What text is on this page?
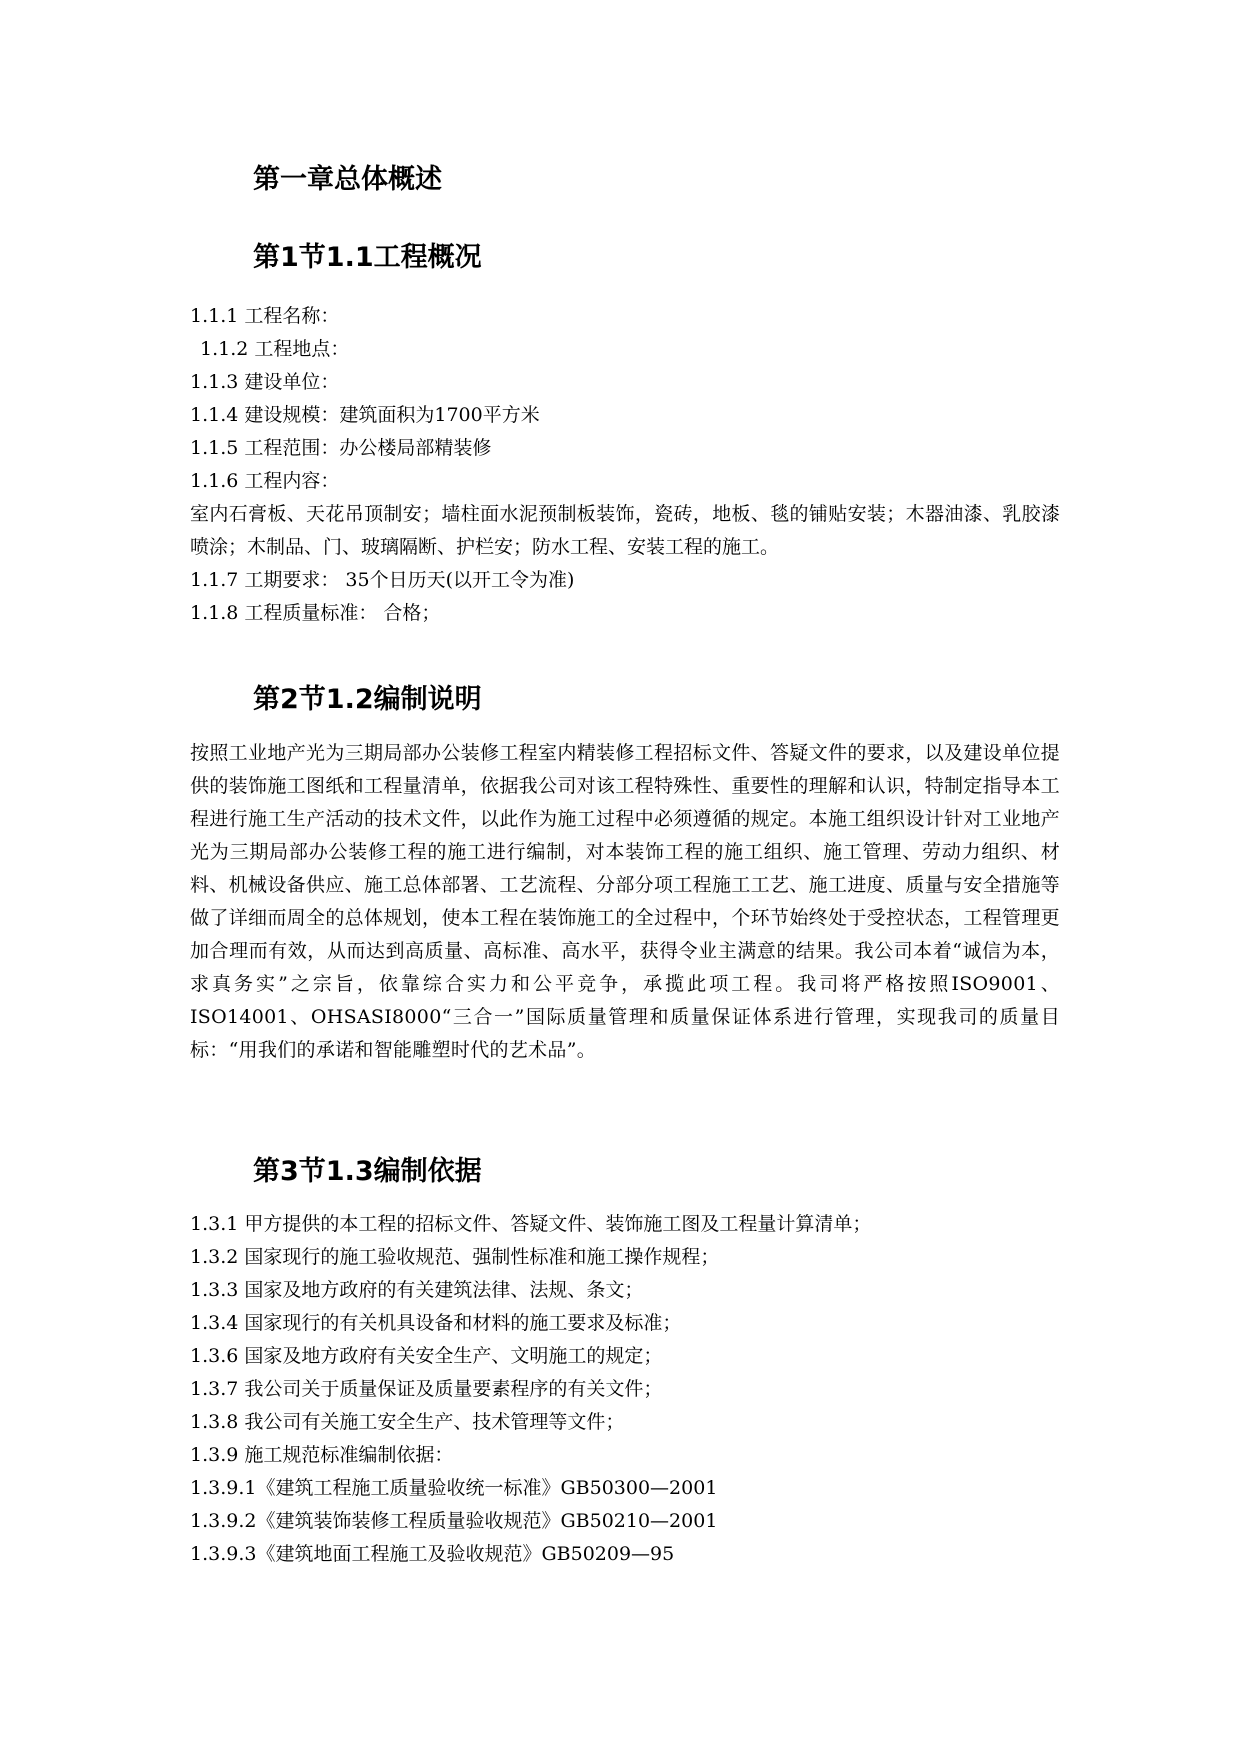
第一章总体概述
第1节1.1工程概况
1.1.1 工程名称：
1.1.2 工程地点：
1.1.3 建设单位：
1.1.4 建设规模：建筑面积为1700平方米
1.1.5 工程范围：办公楼局部精装修
1.1.6 工程内容：
室内石膏板、天花吊顶制安；墙柱面水泥预制板装饰，瓷砖，地板、毯的铺贴安装；木器油漆、乳胶漆喷涂；木制品、门、玻璃隔断、护栏安；防水工程、安装工程的施工。
1.1.7 工期要求： 35个日历天(以开工令为准)
1.1.8 工程质量标准： 合格；
第2节1.2编制说明

按照工业地产光为三期局部办公装修工程室内精装修工程招标文件、答疑文件的要求，以及建设单位提供的装饰施工图纸和工程量清单，依据我公司对该工程特殊性、重要性的理解和认识，特制定指导本工程进行施工生产活动的技术文件，以此作为施工过程中必须遵循的规定。本施工组织设计针对工业地产光为三期局部办公装修工程的施工进行编制，对本装饰工程的施工组织、施工管理、劳动力组织、材料、机械设备供应、施工总体部署、工艺流程、分部分项工程施工工艺、施工进度、质量与安全措施等做了详细而周全的总体规划，使本工程在装饰施工的全过程中，个环节始终处于受控状态，工程管理更加合理而有效，从而达到高质量、高标准、高水平，获得令业主满意的结果。我公司本着“诚信为本，求真务实”之宗旨，依靠综合实力和公平竞争，承揽此项工程。我司将严格按照ISO9001、ISO14001、OHSASI8000“三合一”国际质量管理和质量保证体系进行管理，实现我司的质量目标：“用我们的承诺和智能雕塑时代的艺术品”。

第3节1.3编制依据
1.3.1 甲方提供的本工程的招标文件、答疑文件、装饰施工图及工程量计算清单；
1.3.2 国家现行的施工验收规范、强制性标准和施工操作规程；
1.3.3 国家及地方政府的有关建筑法律、法规、条文；
1.3.4 国家现行的有关机具设备和材料的施工要求及标准；
1.3.6 国家及地方政府有关安全生产、文明施工的规定；
1.3.7 我公司关于质量保证及质量要素程序的有关文件；
1.3.8 我公司有关施工安全生产、技术管理等文件；
1.3.9 施工规范标准编制依据：
1.3.9.1《建筑工程施工质量验收统一标准》GB50300—2001
1.3.9.2《建筑装饰装修工程质量验收规范》GB50210—2001
1.3.9.3《建筑地面工程施工及验收规范》GB50209—95
